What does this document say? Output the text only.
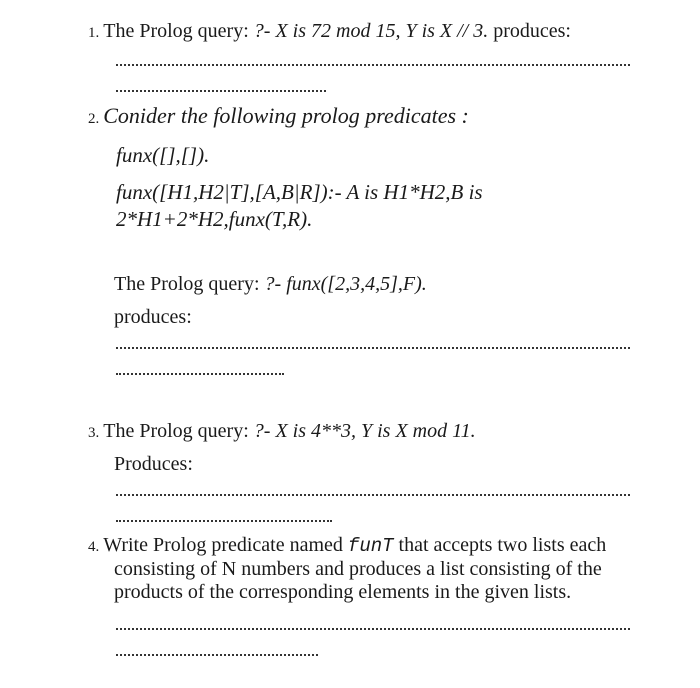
1. The Prolog query: ?- X is 72 mod 15, Y is X // 3. produces:
2. Conider the following prolog predicates :
funx([],[]).
funx([H1,H2|T],[A,B|R]):- A is H1*H2,B is
2*H1+2*H2,funx(T,R).
The Prolog query: ?- funx([2,3,4,5],F).
produces:
3. The Prolog query: ?- X is 4**3, Y is X mod 11.
Produces:
4. Write Prolog predicate named funT that accepts two lists each
consisting of N numbers and produces a list consisting of the
products of the corresponding elements in the given lists.
